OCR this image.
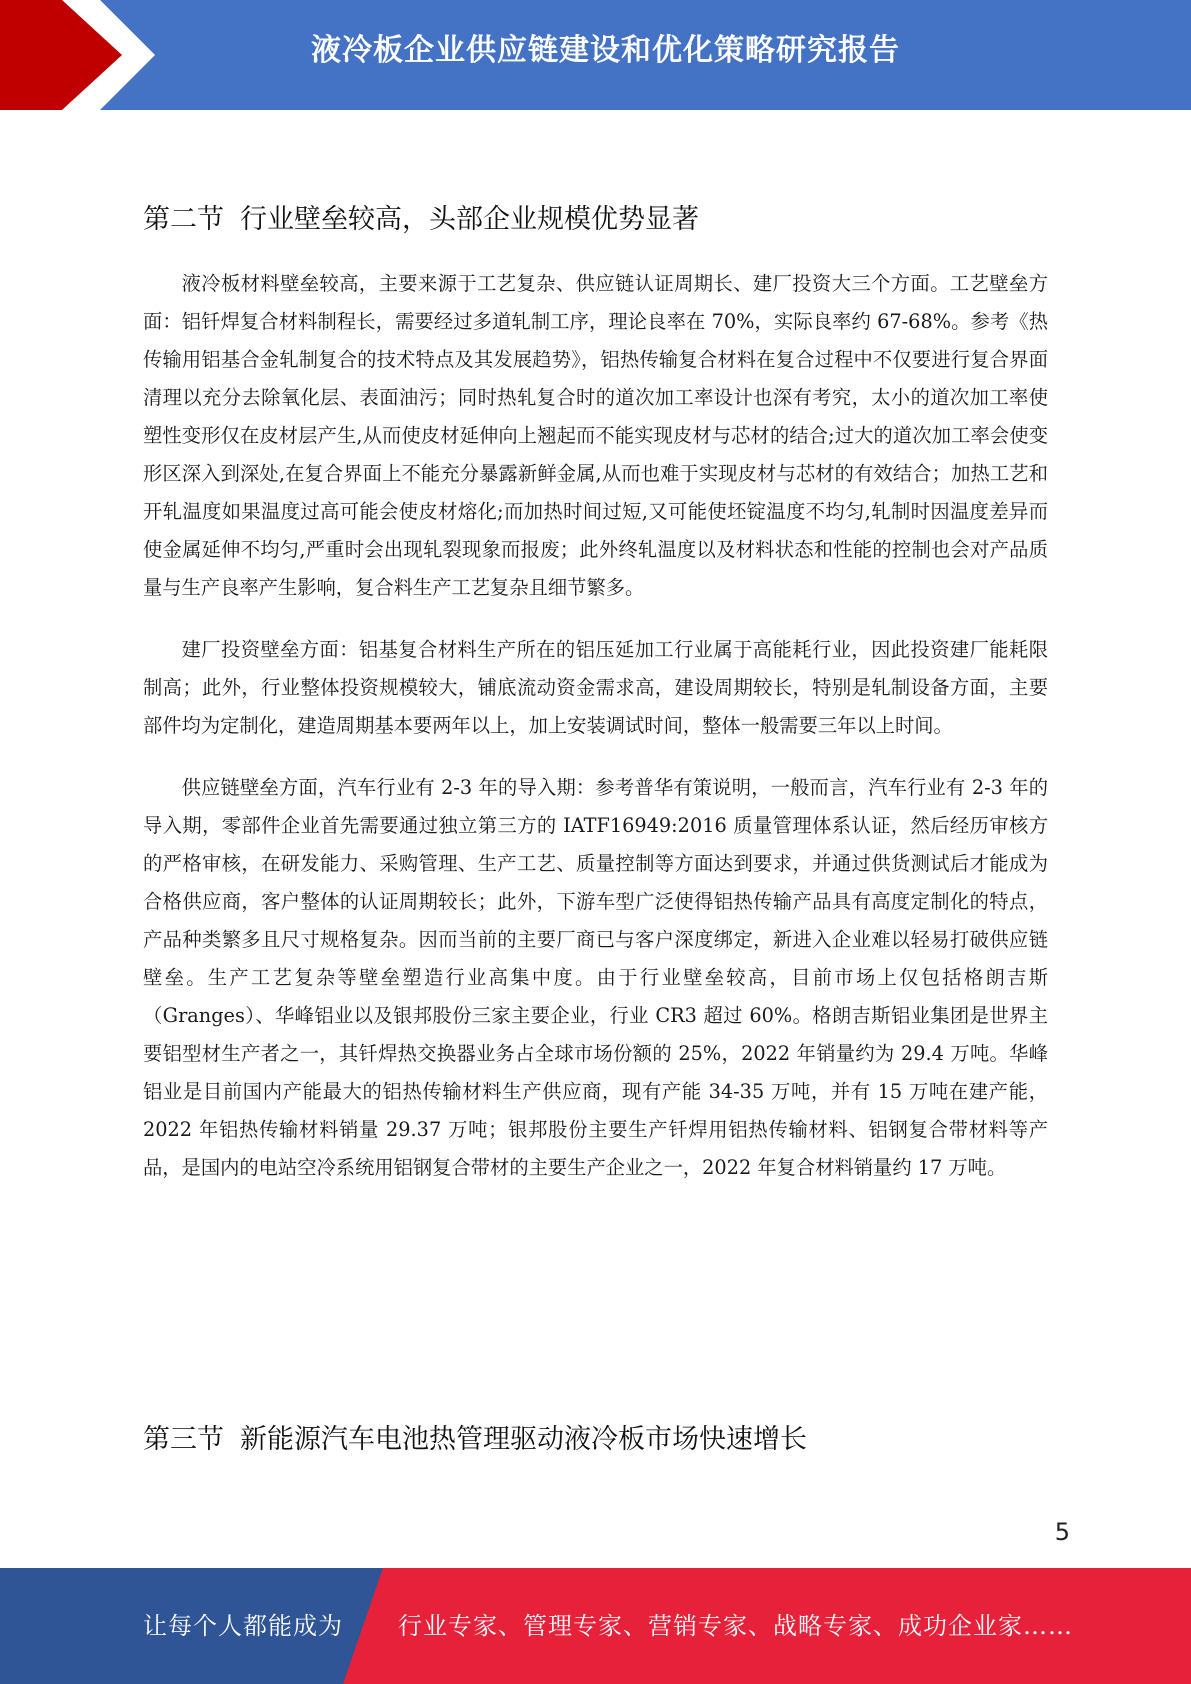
液冷板企业供应链建设和优化策略研究报告
第二节 行业壁垒较高，头部企业规模优势显著

液冷板材料壁垒较高，主要来源于工艺复杂、供应链认证周期长、建厂投资大三个方面。工艺壁垒方面：铝钎焊复合材料制程长，需要经过多道轧制工序，理论良率在 70%，实际良率约 67-68%。参考《热传输用铝基合金轧制复合的技术特点及其发展趋势》，铝热传输复合材料在复合过程中不仅要进行复合界面清理以充分去除氧化层、表面油污；同时热轧复合时的道次加工率设计也深有考究，太小的道次加工率使塑性变形仅在皮材层产生,从而使皮材延伸向上翘起而不能实现皮材与芯材的结合;过大的道次加工率会使变形区深入到深处,在复合界面上不能充分暴露新鲜金属,从而也难于实现皮材与芯材的有效结合；加热工艺和开轧温度如果温度过高可能会使皮材熔化;而加热时间过短,又可能使坯锭温度不均匀,轧制时因温度差异而使金属延伸不均匀,严重时会出现轧裂现象而报废；此外终轧温度以及材料状态和性能的控制也会对产品质量与生产良率产生影响，复合料生产工艺复杂且细节繁多。

建厂投资壁垒方面：铝基复合材料生产所在的铝压延加工行业属于高能耗行业，因此投资建厂能耗限制高；此外，行业整体投资规模较大，铺底流动资金需求高，建设周期较长，特别是轧制设备方面，主要部件均为定制化，建造周期基本要两年以上，加上安装调试时间，整体一般需要三年以上时间。

供应链壁垒方面，汽车行业有 2-3 年的导入期：参考普华有策说明，一般而言，汽车行业有 2-3 年的导入期，零部件企业首先需要通过独立第三方的 IATF16949:2016 质量管理体系认证，然后经历审核方的严格审核，在研发能力、采购管理、生产工艺、质量控制等方面达到要求，并通过供货测试后才能成为合格供应商，客户整体的认证周期较长；此外，下游车型广泛使得铝热传输产品具有高度定制化的特点，产品种类繁多且尺寸规格复杂。因而当前的主要厂商已与客户深度绑定，新进入企业难以轻易打破供应链壁垒。生产工艺复杂等壁垒塑造行业高集中度。由于行业壁垒较高，目前市场上仅包括格朗吉斯（Granges）、华峰铝业以及银邦股份三家主要企业，行业 CR3 超过 60%。格朗吉斯铝业集团是世界主要铝型材生产者之一，其钎焊热交换器业务占全球市场份额的 25%，2022 年销量约为 29.4 万吨。华峰铝业是目前国内产能最大的铝热传输材料生产供应商，现有产能 34-35 万吨，并有 15 万吨在建产能，2022 年铝热传输材料销量 29.37 万吨；银邦股份主要生产钎焊用铝热传输材料、铝钢复合带材料等产品，是国内的电站空冷系统用铝钢复合带材的主要生产企业之一，2022 年复合材料销量约 17 万吨。

第三节 新能源汽车电池热管理驱动液冷板市场快速增长
5
让每个人都能成为 行业专家、管理专家、营销专家、战略专家、成功企业家……
